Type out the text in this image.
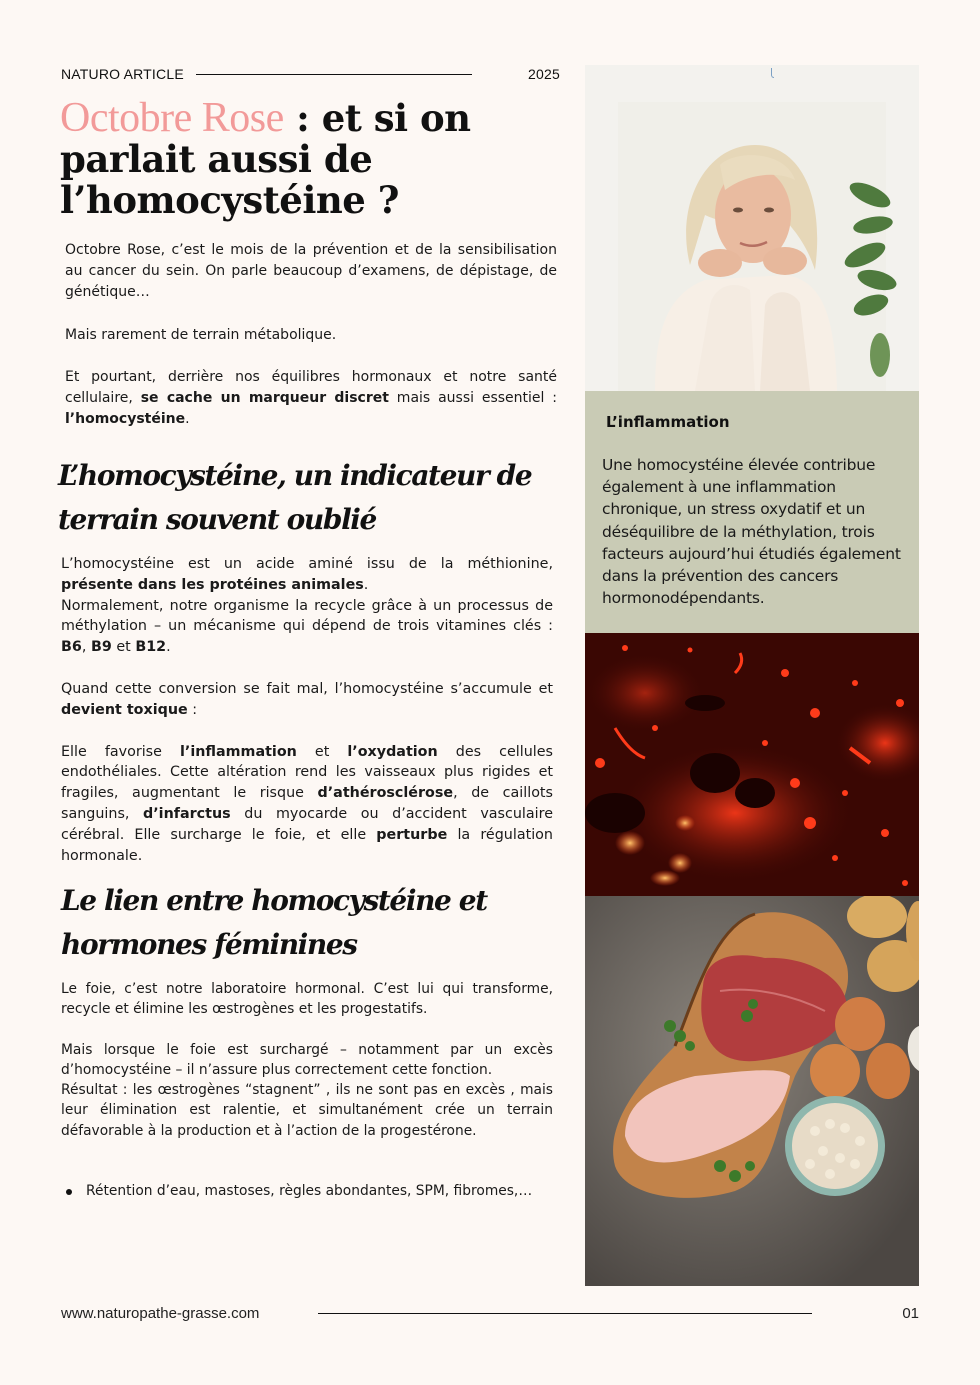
NATURO ARTICLE	2025
Octobre Rose : et si on parlait aussi de l’homocystéine ?

Octobre Rose, c’est le mois de la prévention et de la sensibilisation au cancer du sein. On parle beaucoup d’examens, de dépistage, de génétique…

Mais rarement de terrain métabolique.

Et pourtant, derrière nos équilibres hormonaux et notre santé cellulaire, se cache un marqueur discret mais aussi essentiel : l’homocystéine.

L’homocystéine, un indicateur de terrain souvent oublié

L’homocystéine est un acide aminé issu de la méthionine, présente dans les protéines animales.

Normalement, notre organisme la recycle grâce à un processus de méthylation – un mécanisme qui dépend de trois vitamines clés : B6, B9 et B12.

Quand cette conversion se fait mal, l’homocystéine s’accumule et devient toxique :

Elle favorise l’inflammation et l’oxydation des cellules endothéliales. Cette altération rend les vaisseaux plus rigides et fragiles, augmentant le risque d’athérosclérose, de caillots sanguins, d’infarctus du myocarde ou d’accident vasculaire cérébral. Elle surcharge le foie, et elle perturbe la régulation hormonale.

Le lien entre homocystéine et hormones féminines

Le foie, c’est notre laboratoire hormonal. C’est lui qui transforme, recycle et élimine les œstrogènes et les progestatifs.

Mais lorsque le foie est surchargé – notamment par un excès d’homocystéine – il n’assure plus correctement cette fonction.

Résultat : les œstrogènes “stagnent” , ils ne sont pas en excès , mais leur élimination est ralentie, et simultanément crée un terrain défavorable à la production et à l’action de la progestérone.

Rétention d’eau, mastoses, règles abondantes, SPM, fibromes,…
L’inflammation

Une homocystéine élevée contribue également à une inflammation chronique, un stress oxydatif et un déséquilibre de la méthylation, trois facteurs aujourd’hui étudiés également dans la prévention des cancers hormonodépendants.

www.naturopathe-grasse.com	01
